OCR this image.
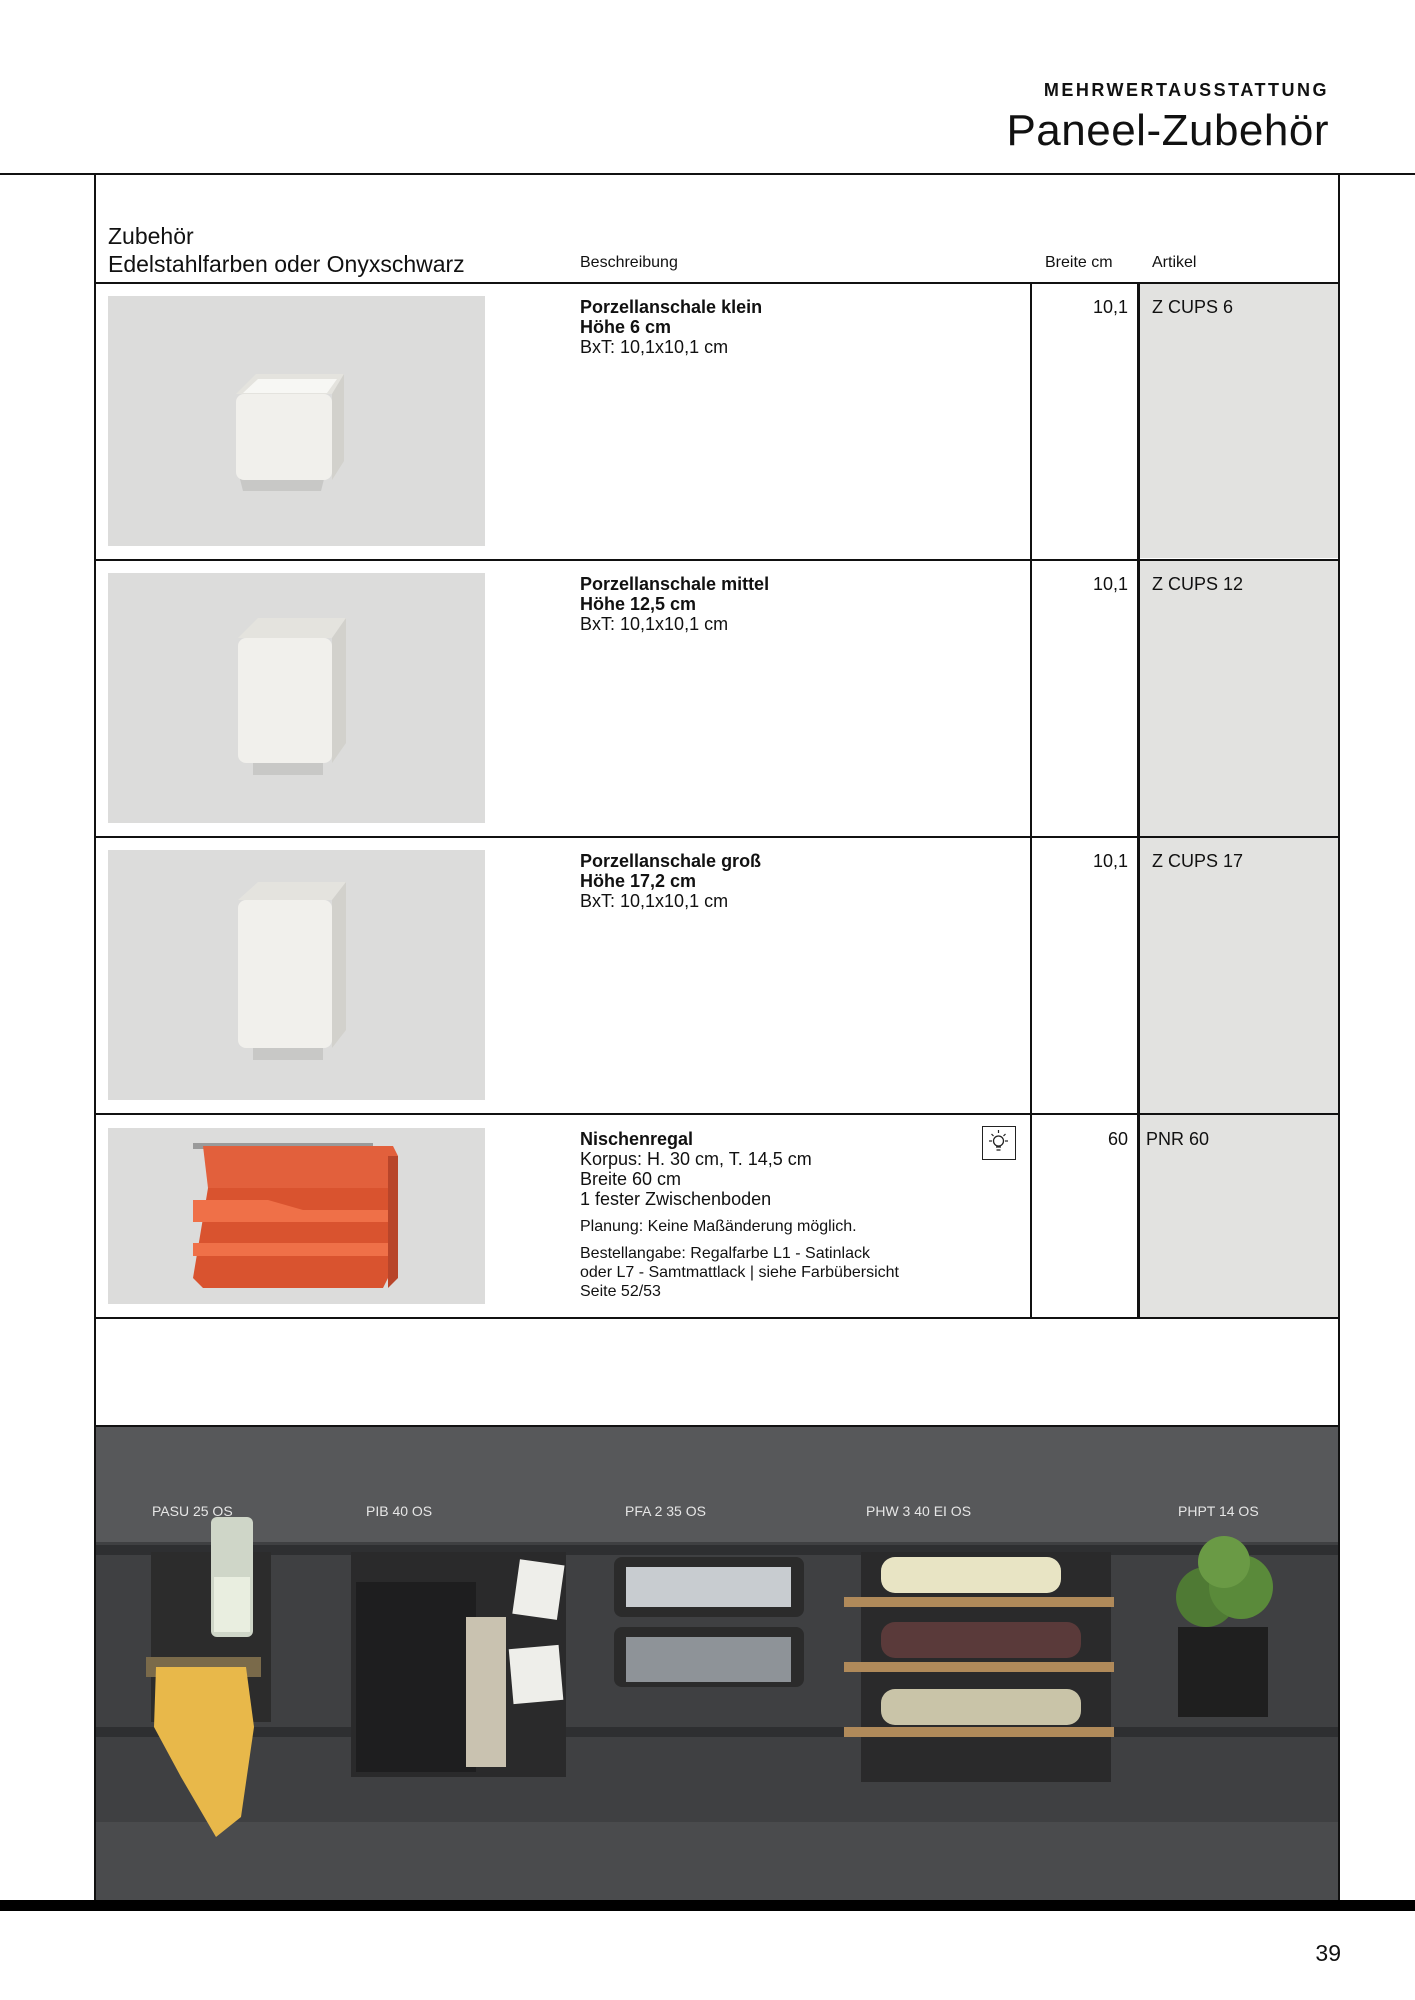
MEHRWERTAUSSTATTUNG
Paneel-Zubehör
Zubehör
Edelstahlfarben oder Onyxschwarz	Beschreibung	Breite cm Artikel
Porzellanschale klein
Höhe 6 cm
BxT: 10,1x10,1 cm
10,1 Z CUPS 6
Porzellanschale mittel
Höhe 12,5 cm
BxT: 10,1x10,1 cm
10,1 Z CUPS 12
Porzellanschale groß
Höhe 17,2 cm
BxT: 10,1x10,1 cm
10,1 Z CUPS 17
Nischenregal
Korpus: H. 30 cm, T. 14,5 cm
Breite 60 cm
1 fester Zwischenboden
Planung: Keine Maßänderung möglich.
Bestellangabe: Regalfarbe L1 - Satinlack
oder L7 - Samtmattlack | siehe Farbübersicht
Seite 52/53
60 PNR 60
PASU 25 OS	PIB 40 OS	PFA 2 35 OS	PHW 3 40 EI OS	PHPT 14 OS
39
